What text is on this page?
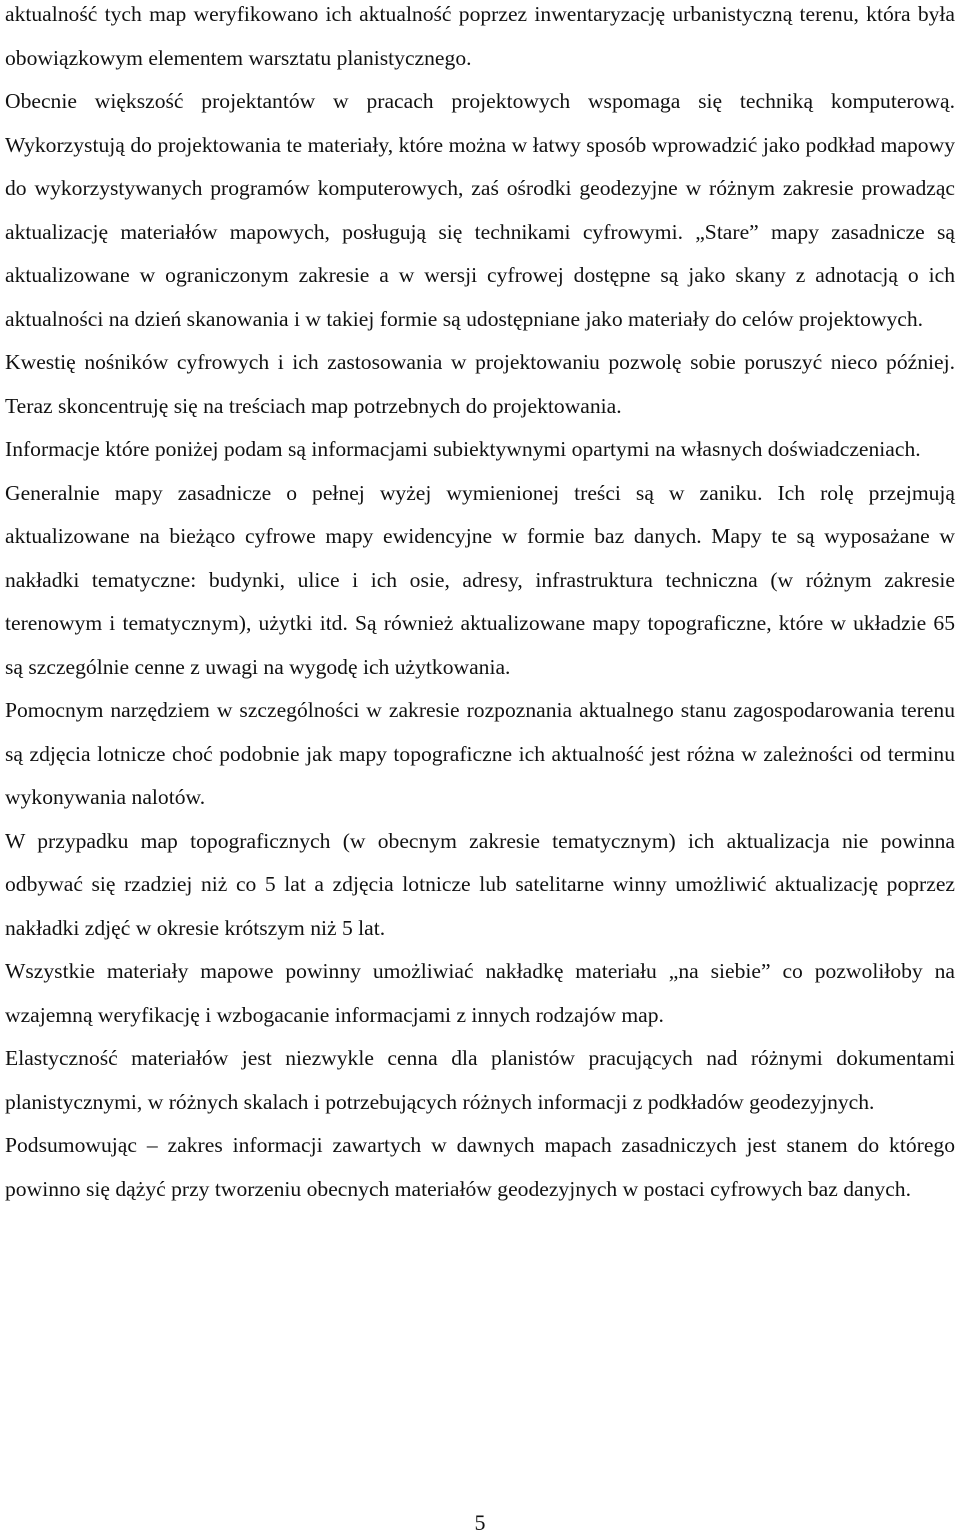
aktualność tych map weryfikowano ich aktualność poprzez inwentaryzację urbanistyczną terenu, która była obowiązkowym elementem warsztatu planistycznego.

Obecnie większość projektantów w pracach projektowych wspomaga się techniką komputerową. Wykorzystują do projektowania te materiały, które można w łatwy sposób wprowadzić jako podkład mapowy do wykorzystywanych programów komputerowych, zaś ośrodki geodezyjne w różnym zakresie prowadząc aktualizację materiałów mapowych, posługują się technikami cyfrowymi. „Stare” mapy zasadnicze są aktualizowane w ograniczonym zakresie a w wersji cyfrowej dostępne są jako skany z adnotacją o ich aktualności na dzień skanowania i w takiej formie są udostępniane jako materiały do celów projektowych.

Kwestię nośników cyfrowych i ich zastosowania w projektowaniu pozwolę sobie poruszyć nieco później. Teraz skoncentruję się na treściach map potrzebnych do projektowania.

Informacje które poniżej podam są informacjami subiektywnymi opartymi na własnych doświadczeniach.

Generalnie mapy zasadnicze o pełnej wyżej wymienionej treści są w zaniku. Ich rolę przejmują aktualizowane na bieżąco cyfrowe mapy ewidencyjne w formie baz danych. Mapy te są wyposażane w nakładki tematyczne: budynki, ulice i ich osie, adresy, infrastruktura techniczna (w różnym zakresie terenowym i tematycznym), użytki itd. Są również aktualizowane mapy topograficzne, które w układzie 65 są szczególnie cenne z uwagi na wygodę ich użytkowania.

Pomocnym narzędziem w szczególności w zakresie rozpoznania aktualnego stanu zagospodarowania terenu są zdjęcia lotnicze choć podobnie jak mapy topograficzne ich aktualność jest różna w zależności od terminu wykonywania nalotów.

W przypadku map topograficznych (w obecnym zakresie tematycznym) ich aktualizacja nie powinna odbywać się rzadziej niż co 5 lat a zdjęcia lotnicze lub satelitarne winny umożliwić aktualizację poprzez nakładki zdjęć w okresie krótszym niż 5 lat.

Wszystkie materiały mapowe powinny umożliwiać nakładkę materiału „na siebie” co pozwoliłoby na wzajemną weryfikację i wzbogacanie informacjami z innych rodzajów map.

Elastyczność materiałów jest niezwykle cenna dla planistów pracujących nad różnymi dokumentami planistycznymi, w różnych skalach i potrzebujących różnych informacji z podkładów geodezyjnych.

Podsumowując – zakres informacji zawartych w dawnych mapach zasadniczych jest stanem do którego powinno się dążyć przy tworzeniu obecnych materiałów geodezyjnych w postaci cyfrowych baz danych.

5
